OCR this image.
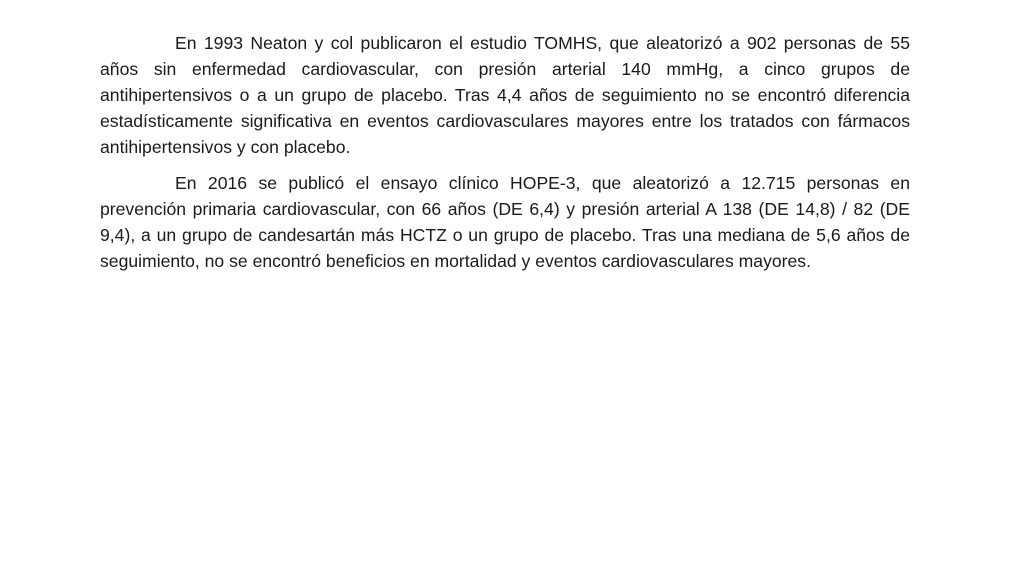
En 1993 Neaton y col publicaron el estudio TOMHS, que aleatorizó a 902 personas de 55 años sin enfermedad cardiovascular, con presión arterial 140 mmHg, a cinco grupos de antihipertensivos o a un grupo de placebo. Tras 4,4 años de seguimiento no se encontró diferencia estadísticamente significativa en eventos cardiovasculares mayores entre los tratados con fármacos antihipertensivos y con placebo.

En 2016 se publicó el ensayo clínico HOPE-3, que aleatorizó a 12.715 personas en prevención primaria cardiovascular, con 66 años (DE 6,4) y presión arterial A 138 (DE 14,8) / 82 (DE 9,4), a un grupo de candesartán más HCTZ o un grupo de placebo. Tras una mediana de 5,6 años de seguimiento, no se encontró beneficios en mortalidad y eventos cardiovasculares mayores.
